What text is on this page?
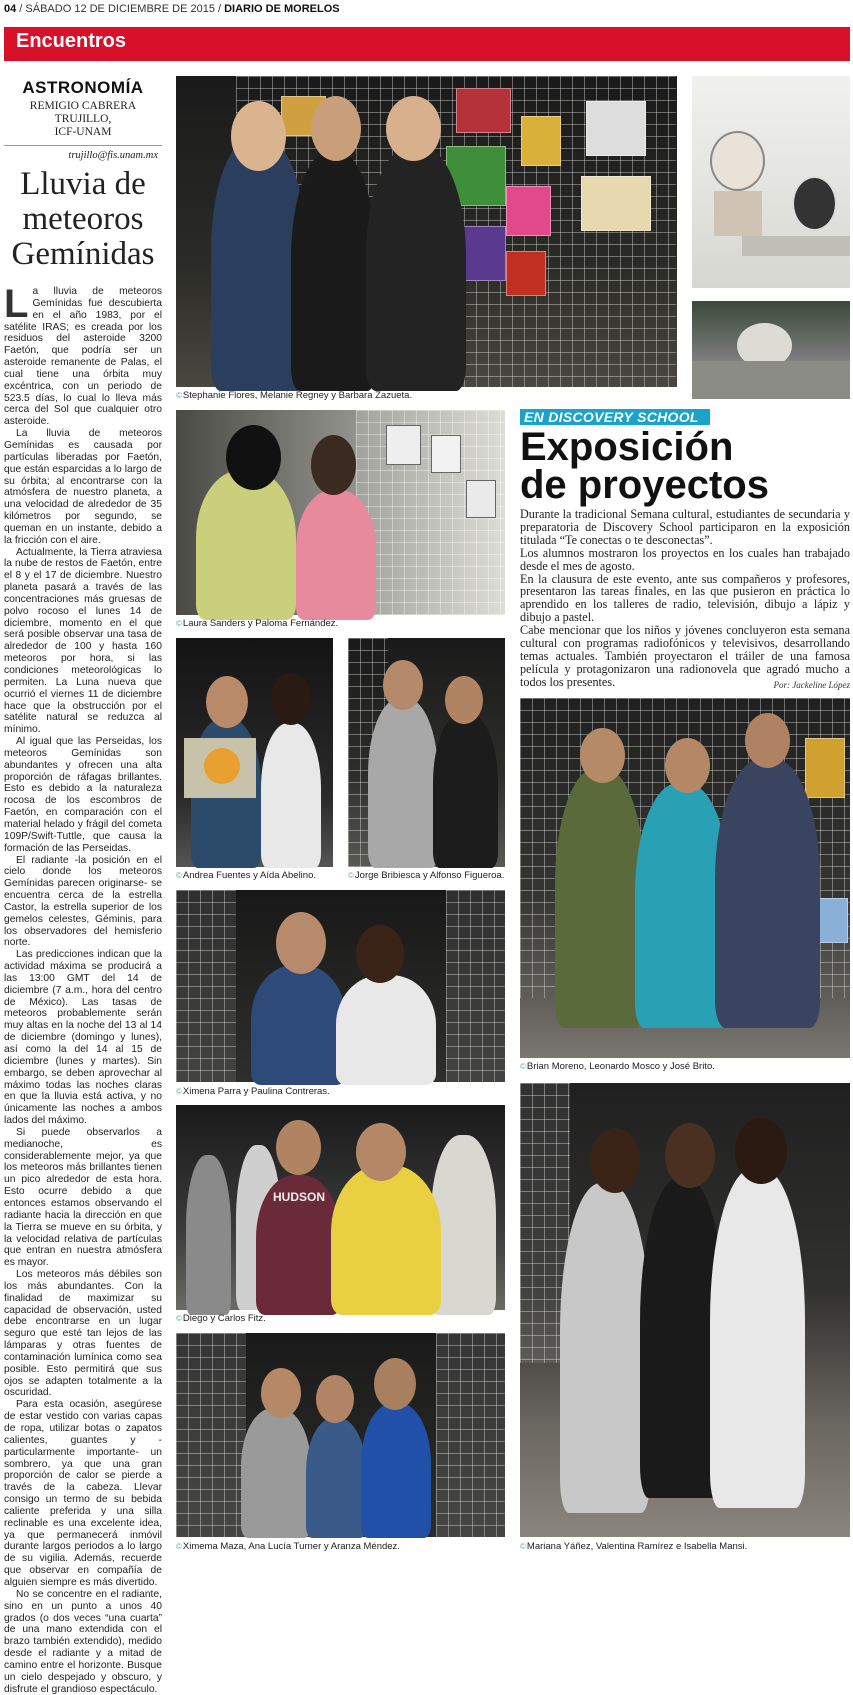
04 / SÁBADO 12 DE DICIEMBRE DE 2015 / DIARIO DE MORELOS
Encuentros
ASTRONOMÍA
REMIGIO CABRERA TRUJILLO,
ICF-UNAM
trujillo@fis.unam.mx
Lluvia de meteoros Gemínidas

La lluvia de meteoros Gemínidas fue descubierta en el año 1983, por el satélite IRAS; es creada por los residuos del asteroide 3200 Faetón, que podría ser un asteroide remanente de Palas, el cual tiene una órbita muy excéntrica, con un periodo de 523.5 días, lo cual lo lleva más cerca del Sol que cualquier otro asteroide.

La lluvia de meteoros Gemínidas es causada por partículas liberadas por Faetón, que están esparcidas a lo largo de su órbita; al encontrarse con la atmósfera de nuestro planeta, a una velocidad de alrededor de 35 kilómetros por segundo, se queman en un instante, debido a la fricción con el aire.

Actualmente, la Tierra atraviesa la nube de restos de Faetón, entre el 8 y el 17 de diciembre. Nuestro planeta pasará a través de las concentraciones más gruesas de polvo rocoso el lunes 14 de diciembre, momento en el que será posible observar una tasa de alrededor de 100 y hasta 160 meteoros por hora, si las condiciones meteorológicas lo permiten. La Luna nueva que ocurrió el viernes 11 de diciembre hace que la obstrucción por el satélite natural se reduzca al mínimo.

Al igual que las Perseidas, los meteoros Gemínidas son abundantes y ofrecen una alta proporción de ráfagas brillantes. Esto es debido a la naturaleza rocosa de los escombros de Faetón, en comparación con el material helado y frágil del cometa 109P/Swift-Tuttle, que causa la formación de las Perseidas.

El radiante -la posición en el cielo donde los meteoros Gemínidas parecen originarse- se encuentra cerca de la estrella Castor, la estrella superior de los gemelos celestes, Géminis, para los observadores del hemisferio norte.

Las predicciones indican que la actividad máxima se producirá a las 13:00 GMT del 14 de diciembre (7 a.m., hora del centro de México). Las tasas de meteoros probablemente serán muy altas en la noche del 13 al 14 de diciembre (domingo y lunes), así como la del 14 al 15 de diciembre (lunes y martes). Sin embargo, se deben aprovechar al máximo todas las noches claras en que la lluvia está activa, y no únicamente las noches a ambos lados del máximo.

Si puede observarlos a medianoche, es considerablemente mejor, ya que los meteoros más brillantes tienen un pico alrededor de esta hora. Esto ocurre debido a que entonces estamos observando el radiante hacia la dirección en que la Tierra se mueve en su órbita, y la velocidad relativa de partículas que entran en nuestra atmósfera es mayor.

Los meteoros más débiles son los más abundantes. Con la finalidad de maximizar su capacidad de observación, usted debe encontrarse en un lugar seguro que esté tan lejos de las lámparas y otras fuentes de contaminación lumínica como sea posible. Esto permitirá que sus ojos se adapten totalmente a la oscuridad.

Para esta ocasión, asegúrese de estar vestido con varias capas de ropa, utilizar botas o zapatos calientes, guantes y -particularmente importante- un sombrero, ya que una gran proporción de calor se pierde a través de la cabeza. Llevar consigo un termo de su bebida caliente preferida y una silla reclinable es una excelente idea, ya que permanecerá inmóvil durante largos periodos a lo largo de su vigilia. Además, recuerde que observar en compañía de alguien siempre es más divertido.

No se concentre en el radiante, sino en un punto a unos 40 grados (o dos veces “una cuarta” de una mano extendida con el brazo también extendido), medido desde el radiante y a mitad de camino entre el horizonte. Busque un cielo despejado y obscuro, y disfrute el grandioso espectáculo.

©Stephanie Flores, Melanie Regney y Barbara Zazueta.
©Laura Sanders y Paloma Fernández.
EN DISCOVERY SCHOOL
Exposición
de proyectos

Durante la tradicional Semana cultural, estudiantes de secundaria y preparatoria de Discovery School participaron en la exposición titulada “Te conectas o te desconectas”.

Los alumnos mostraron los proyectos en los cuales han trabajado desde el mes de agosto.

En la clausura de este evento, ante sus compañeros y profesores, presentaron las tareas finales, en las que pusieron en práctica lo aprendido en los talleres de radio, televisión, dibujo a lápiz y dibujo a pastel.

Cabe mencionar que los niños y jóvenes concluyeron esta semana cultural con programas radiofónicos y televisivos, desarrollando temas actuales. También proyectaron el tráiler de una famosa película y protagonizaron una radionovela que agradó mucho a todos los presentes.	Por: Jackeline López
©Andrea Fuentes y Aída Abelino.	©Jorge Bribiesca y Alfonso Figueroa.
©Brian Moreno, Leonardo Mosco y José Brito.
©Ximena Parra y Paulina Contreras.
HUDSON
©Diego y Carlos Fitz.
©Ximema Maza, Ana Lucía Turner y Aranza Méndez.	©Mariana Yáñez, Valentina Ramírez e Isabella Mansi.
